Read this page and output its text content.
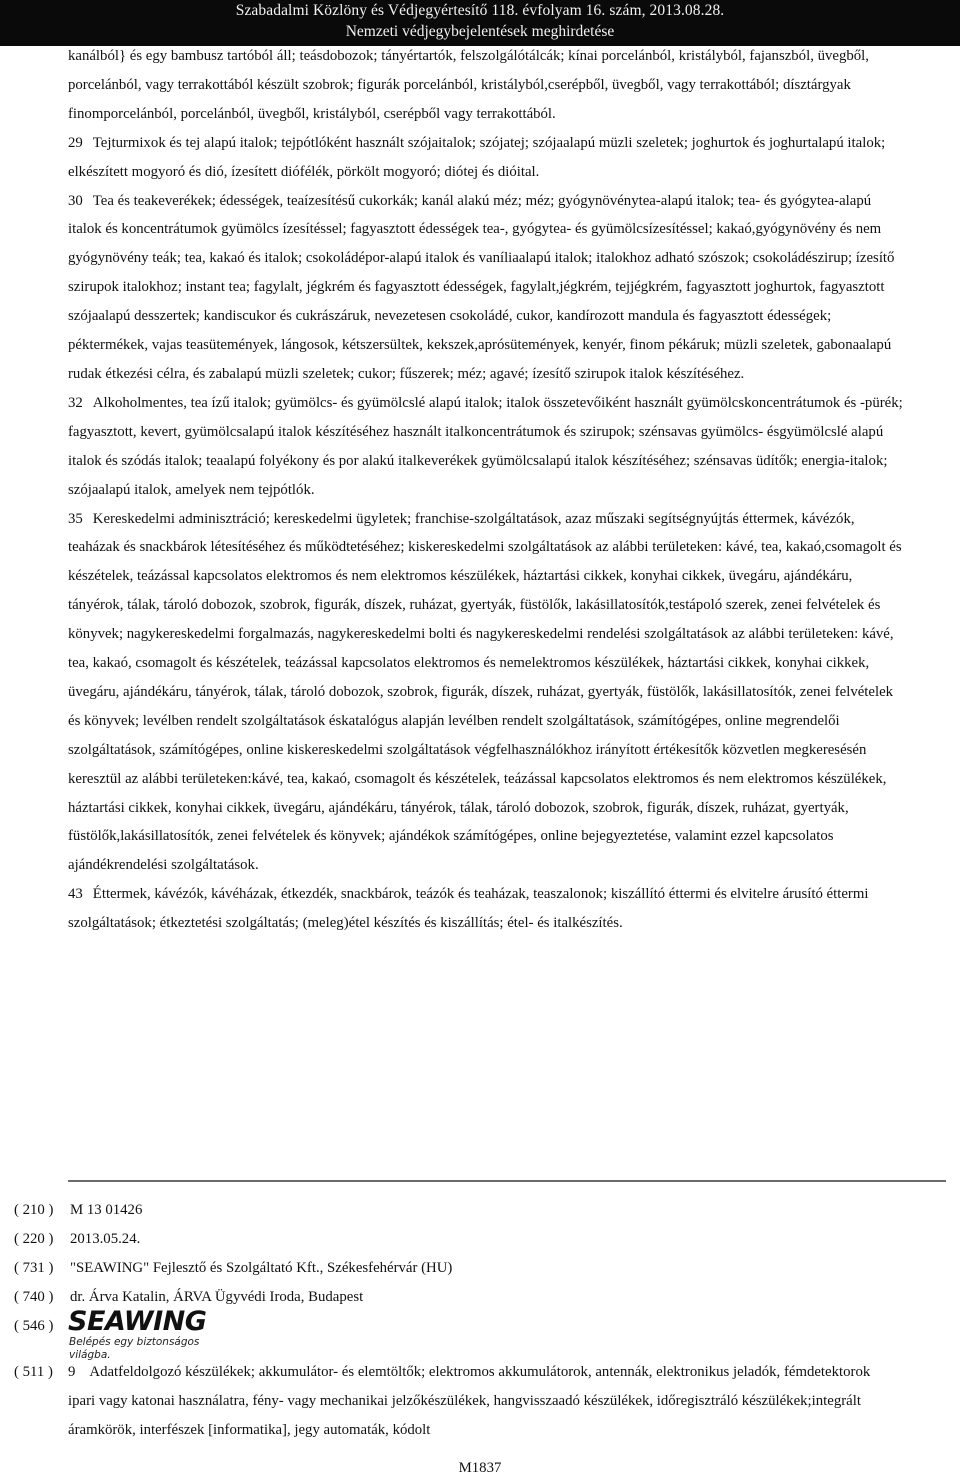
Szabadalmi Közlöny és Védjegyértesítő 118. évfolyam 16. szám, 2013.08.28.
Nemzeti védjegybejelentések meghirdetése

kanálból} és egy bambusz tartóból áll; teásdobozok; tányértartók, felszolgálótálcák; kínai porcelánból, kristályból, fajanszból, üvegből, porcelánból, vagy terrakottából készült szobrok; figurák porcelánból, kristályból,cserépből, üvegből, vagy terrakottából; dísztárgyak finomporcelánból, porcelánból, üvegből, kristályból, cserépből vagy terrakottából.

29 Tejturmixok és tej alapú italok; tejpótlóként használt szójaitalok; szójatej; szójaalapú müzli szeletek; joghurtok és joghurtalapú italok; elkészített mogyoró és dió, ízesített diófélék, pörkölt mogyoró; diótej és dióital.

30 Tea és teakeverékek; édességek, teaízesítésű cukorkák; kanál alakú méz; méz; gyógynövénytea-alapú italok; tea- és gyógytea-alapú italok és koncentrátumok gyümölcs ízesítéssel; fagyasztott édességek tea-, gyógytea- és gyümölcsízesítéssel; kakaó,gyógynövény és nem gyógynövény teák; tea, kakaó és italok; csokoládépor-alapú italok és vaníliaalapú italok; italokhoz adható szószok; csokoládészirup; ízesítő szirupok italokhoz; instant tea; fagylalt, jégkrém és fagyasztott édességek, fagylalt,jégkrém, tejjégkrém, fagyasztott joghurtok, fagyasztott szójaalapú desszertek; kandiscukor és cukrászáruk, nevezetesen csokoládé, cukor, kandírozott mandula és fagyasztott édességek; péktermékek, vajas teasütemények, lángosok, kétszersültek, kekszek,aprósütemények, kenyér, finom pékáruk; müzli szeletek, gabonaalapú rudak étkezési célra, és zabalapú müzli szeletek; cukor; fűszerek; méz; agavé; ízesítő szirupok italok készítéséhez.

32 Alkoholmentes, tea ízű italok; gyümölcs- és gyümölcslé alapú italok; italok összetevőiként használt gyümölcskoncentrátumok és -pürék; fagyasztott, kevert, gyümölcsalapú italok készítéséhez használt italkoncentrátumok és szirupok; szénsavas gyümölcs- ésgyümölcslé alapú italok és szódás italok; teaalapú folyékony és por alakú italkeverékek gyümölcsalapú italok készítéséhez; szénsavas üdítők; energia-italok; szójaalapú italok, amelyek nem tejpótlók.

35 Kereskedelmi adminisztráció; kereskedelmi ügyletek; franchise-szolgáltatások, azaz műszaki segítségnyújtás éttermek, kávézók, teaházak és snackbárok létesítéséhez és működtetéséhez; kiskereskedelmi szolgáltatások az alábbi területeken: kávé, tea, kakaó,csomagolt és készételek, teázással kapcsolatos elektromos és nem elektromos készülékek, háztartási cikkek, konyhai cikkek, üvegáru, ajándékáru, tányérok, tálak, tároló dobozok, szobrok, figurák, díszek, ruházat, gyertyák, füstölők, lakásillatosítók,testápoló szerek, zenei felvételek és könyvek; nagykereskedelmi forgalmazás, nagykereskedelmi bolti és nagykereskedelmi rendelési szolgáltatások az alábbi területeken: kávé, tea, kakaó, csomagolt és készételek, teázással kapcsolatos elektromos és nemelektromos készülékek, háztartási cikkek, konyhai cikkek, üvegáru, ajándékáru, tányérok, tálak, tároló dobozok, szobrok, figurák, díszek, ruházat, gyertyák, füstölők, lakásillatosítók, zenei felvételek és könyvek; levélben rendelt szolgáltatások éskatalógus alapján levélben rendelt szolgáltatások, számítógépes, online megrendelői szolgáltatások, számítógépes, online kiskereskedelmi szolgáltatások végfelhasználókhoz irányított értékesítők közvetlen megkeresésén keresztül az alábbi területeken:kávé, tea, kakaó, csomagolt és készételek, teázással kapcsolatos elektromos és nem elektromos készülékek, háztartási cikkek, konyhai cikkek, üvegáru, ajándékáru, tányérok, tálak, tároló dobozok, szobrok, figurák, díszek, ruházat, gyertyák, füstölők,lakásillatosítók, zenei felvételek és könyvek; ajándékok számítógépes, online bejegyeztetése, valamint ezzel kapcsolatos ajándékrendelési szolgáltatások.

43 Éttermek, kávézók, kávéházak, étkezdék, snackbárok, teázók és teaházak, teaszalonok; kiszállító éttermi és elvitelre árusító éttermi szolgáltatások; étkeztetési szolgáltatás; (meleg)étel készítés és kiszállítás; étel- és italkészítés.

( 210 ) M 13 01426
( 220 ) 2013.05.24.
( 731 ) "SEAWING" Fejlesztő és Szolgáltató Kft., Székesfehérvár (HU)
( 740 ) dr. Árva Katalin, ÁRVA Ügyvédi Iroda, Budapest
( 546 ) SEAWING
Belépés egy biztonságos világba.
( 511 ) 9 Adatfeldolgozó készülékek; akkumulátor- és elemtöltők; elektromos akkumulátorok, antennák, elektronikus jeladók, fémdetektorok ipari vagy katonai használatra, fény- vagy mechanikai jelzőkészülékek, hangvisszaadó készülékek, időregisztráló készülékek;integrált áramkörök, interfészek [informatika], jegy automaták, kódolt
M1837
